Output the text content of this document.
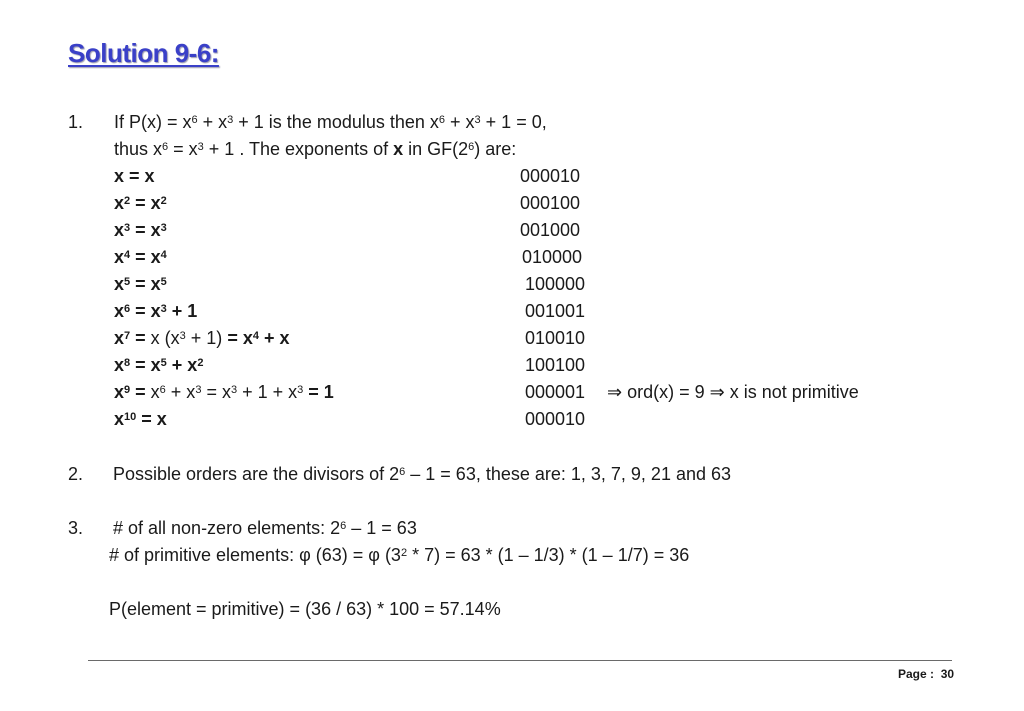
Solution 9-6:
1. If $P(x) = x^6 + x^3 + 1$ is the modulus then $x^6 + x^3 + 1 = 0$,
thus $x^6 = x^3 + 1$ . The exponents of x in $GF(2^6)$ are:
x = x
$x^2 = x^2$
$x^3 = x^3$
$x^4 = x^4$
$x^5 = x^5$
$x^6 = x^3 + 1$
$x^7 = x$ $(x^3 + 1) = x^4 + x$
$x^8 = x^5 + x^2$
$x^9 = x^6 + x^3 = x^3 + 1 + x^3 = 1$
$x^{10} = x$
000010
000100
001000
010000
100000
001001
010010
100100
000001 ⇒ ord(x) = 9 ⇒ x is not primitive
000010
2. Possible orders are the divisors of $2^6 - 1 = 63$, these are: 1, 3, 7, 9, 21 and 63
3. # of all non-zero elements: $2^6 - 1 = 63$
# of primitive elements: φ (63) = φ $(3^2 * 7) = 63 * (1 - 1/3) * (1 - 1/7) = 36$
P(element = primitive) = (36 / 63) * 100 = 57.14%
Page : 30
